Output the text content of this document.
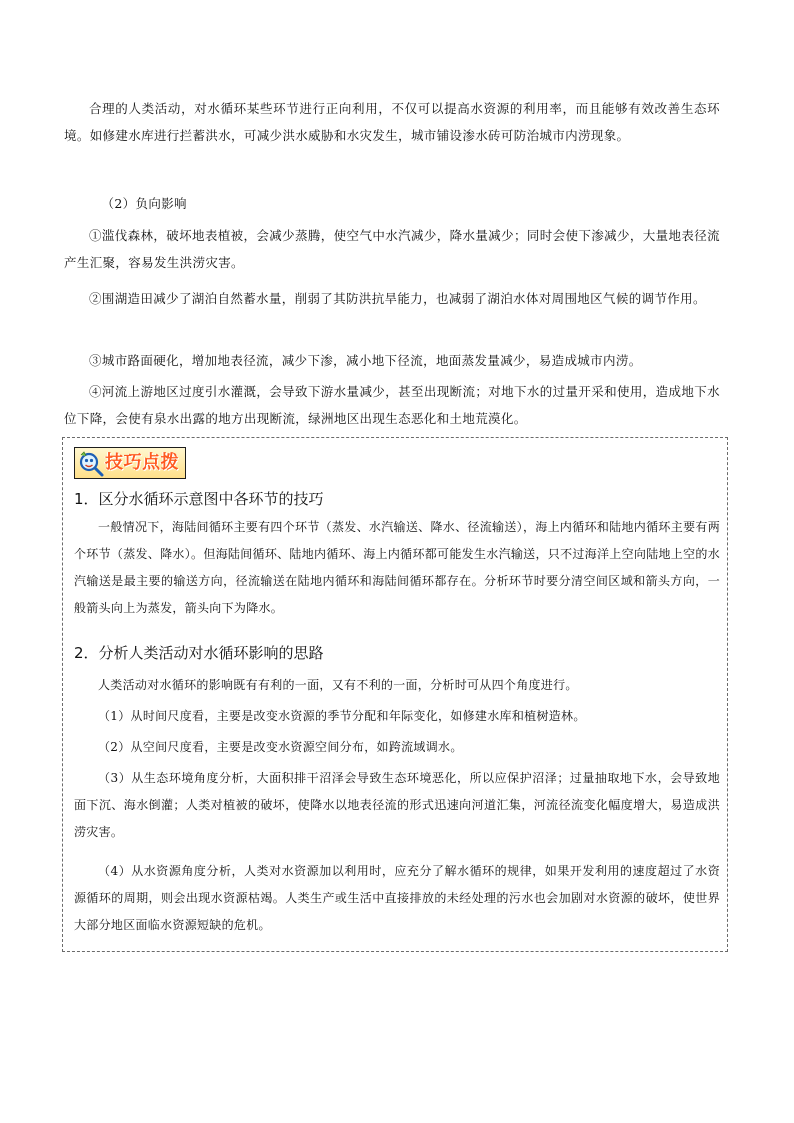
合理的人类活动，对水循环某些环节进行正向利用，不仅可以提高水资源的利用率，而且能够有效改善生态环境。如修建水库进行拦蓄洪水，可减少洪水威胁和水灾发生，城市铺设渗水砖可防治城市内涝现象。

（2）负向影响

①滥伐森林，破坏地表植被，会减少蒸腾，使空气中水汽减少，降水量减少；同时会使下渗减少，大量地表径流产生汇聚，容易发生洪涝灾害。

②围湖造田减少了湖泊自然蓄水量，削弱了其防洪抗旱能力，也减弱了湖泊水体对周围地区气候的调节作用。

③城市路面硬化，增加地表径流，减少下渗，减小地下径流，地面蒸发量减少，易造成城市内涝。

④河流上游地区过度引水灌溉，会导致下游水量减少，甚至出现断流；对地下水的过量开采和使用，造成地下水位下降，会使有泉水出露的地方出现断流，绿洲地区出现生态恶化和土地荒漠化。

技巧点拨

1．区分水循环示意图中各环节的技巧

一般情况下，海陆间循环主要有四个环节（蒸发、水汽输送、降水、径流输送），海上内循环和陆地内循环主要有两个环节（蒸发、降水）。但海陆间循环、陆地内循环、海上内循环都可能发生水汽输送，只不过海洋上空向陆地上空的水汽输送是最主要的输送方向，径流输送在陆地内循环和海陆间循环都存在。分析环节时要分清空间区域和箭头方向，一般箭头向上为蒸发，箭头向下为降水。

2．分析人类活动对水循环影响的思路

人类活动对水循环的影响既有有利的一面，又有不利的一面，分析时可从四个角度进行。

（1）从时间尺度看，主要是改变水资源的季节分配和年际变化，如修建水库和植树造林。

（2）从空间尺度看，主要是改变水资源空间分布，如跨流域调水。

（3）从生态环境角度分析，大面积排干沼泽会导致生态环境恶化，所以应保护沼泽；过量抽取地下水，会导致地面下沉、海水倒灌；人类对植被的破坏，使降水以地表径流的形式迅速向河道汇集，河流径流变化幅度增大，易造成洪涝灾害。

（4）从水资源角度分析，人类对水资源加以利用时，应充分了解水循环的规律，如果开发利用的速度超过了水资源循环的周期，则会出现水资源枯竭。人类生产或生活中直接排放的未经处理的污水也会加剧对水资源的破坏，使世界大部分地区面临水资源短缺的危机。
